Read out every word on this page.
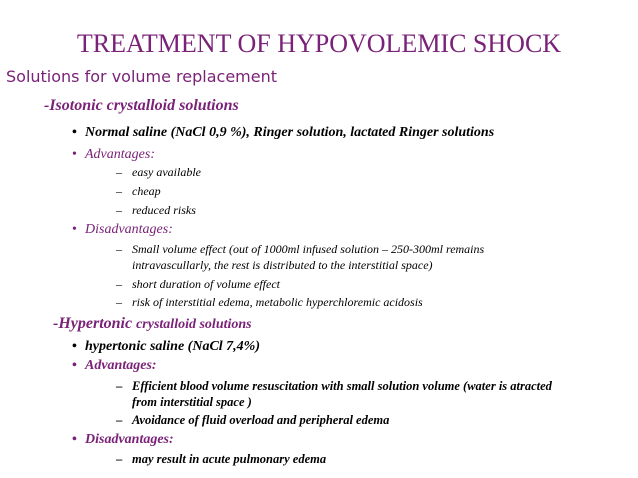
TREATMENT OF HYPOVOLEMIC SHOCK
Solutions for volume replacement
-Isotonic crystalloid solutions
• Normal saline (NaCl 0,9 %), Ringer solution, lactated Ringer solutions
• Advantages:
– easy available
– cheap
– reduced risks
• Disadvantages:
– Small volume effect (out of 1000ml infused solution – 250-300ml remains
intravascullarly, the rest is distributed to the interstitial space)
– short duration of volume effect
– risk of interstitial edema, metabolic hyperchloremic acidosis
-Hypertonic crystalloid solutions
• hypertonic saline (NaCl 7,4%)
• Advantages:
– Efficient blood volume resuscitation with small solution volume (water is atracted
from interstitial space )
– Avoidance of fluid overload and peripheral edema
• Disadvantages:
– may result in acute pulmonary edema
